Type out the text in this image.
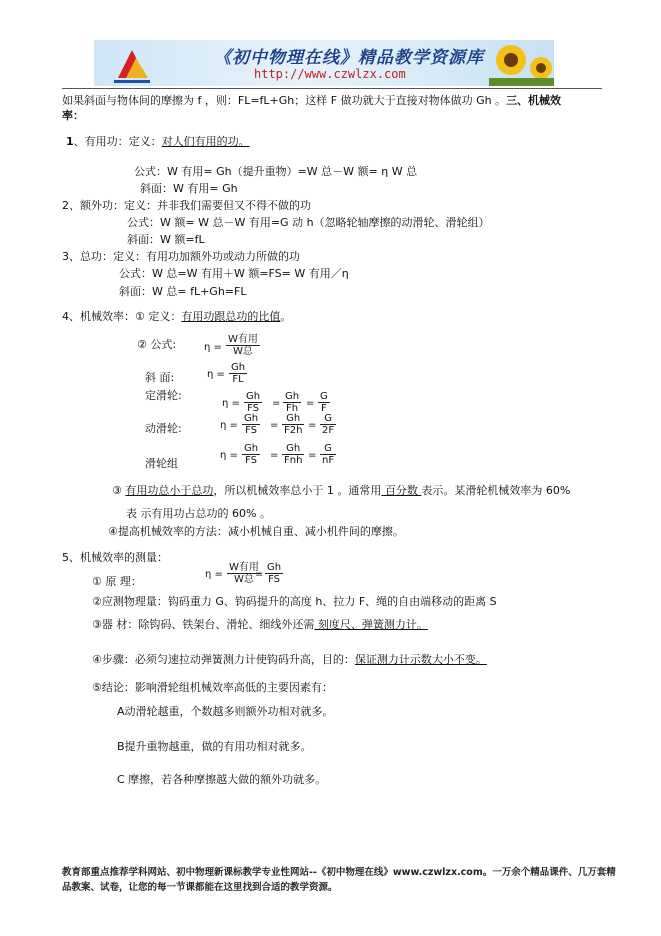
《初中物理在线》精品教学资源库
http://www.czwlzx.com
如果斜面与物体间的摩擦为 f ，则：FL=fL+Gh；这样 F 做功就大于直接对物体做功 Gh 。三、机械效
率：
1、有用功：定义：对人们有用的功。
公式：W 有用= Gh（提升重物）=W 总－W 额= η W 总
斜面：W 有用= Gh
2、额外功：定义：并非我们需要但又不得不做的功
公式：W 额= W 总－W 有用=G 动 h（忽略轮轴摩擦的动滑轮、滑轮组）
斜面：W 额=fL
3、总功：定义：有用功加额外功或动力所做的功
公式：W 总=W 有用＋W 额=FS= W 有用／η
斜面：W 总= fL+Gh=FL
4、机械效率：① 定义：有用功跟总功的比值。
② 公式:	η =
W有用
W总
斜 面:	$\eta = \frac{Gh}{FL}$
定滑轮:
$\eta = \frac{Gh}{FS} = \frac{Gh}{Fh} = \frac{G}{F}$
动滑轮:	$\eta = \frac{Gh}{FS} = \frac{Gh}{F2h} = \frac{G}{2F}$
滑轮组
$\eta = \frac{Gh}{FS}$ =
Gh
Fnh = $\frac{G}{nF}$
③ 有用功总小于总功，所以机械效率总小于 1 。通常用 百分数 表示。某滑轮机械效率为 60%
表 示有用功占总功的 60% 。
④提高机械效率的方法：减小机械自重、减小机件间的摩擦。
5、机械效率的测量：
① 原 理：
η =
W有用
W总 = $\frac{Gh}{FS}$
②应测物理量：钩码重力 G、钩码提升的高度 h、拉力 F、绳的自由端移动的距离 S
③器 材：除钩码、铁架台、滑轮、细线外还需 刻度尺、弹簧测力计。
④步骤：必须匀速拉动弹簧测力计使钩码升高，目的：保证测力计示数大小不变。
⑤结论：影响滑轮组机械效率高低的主要因素有：
A动滑轮越重，个数越多则额外功相对就多。
B提升重物越重，做的有用功相对就多。
C 摩擦，若各种摩擦越大做的额外功就多。
教育部重点推荐学科网站、初中物理新课标教学专业性网站--《初中物理在线》www.czwlzx.com。一万余个精品课件、几万套精品教案、试卷，让您的每一节课都能在这里找到合适的教学资源。
